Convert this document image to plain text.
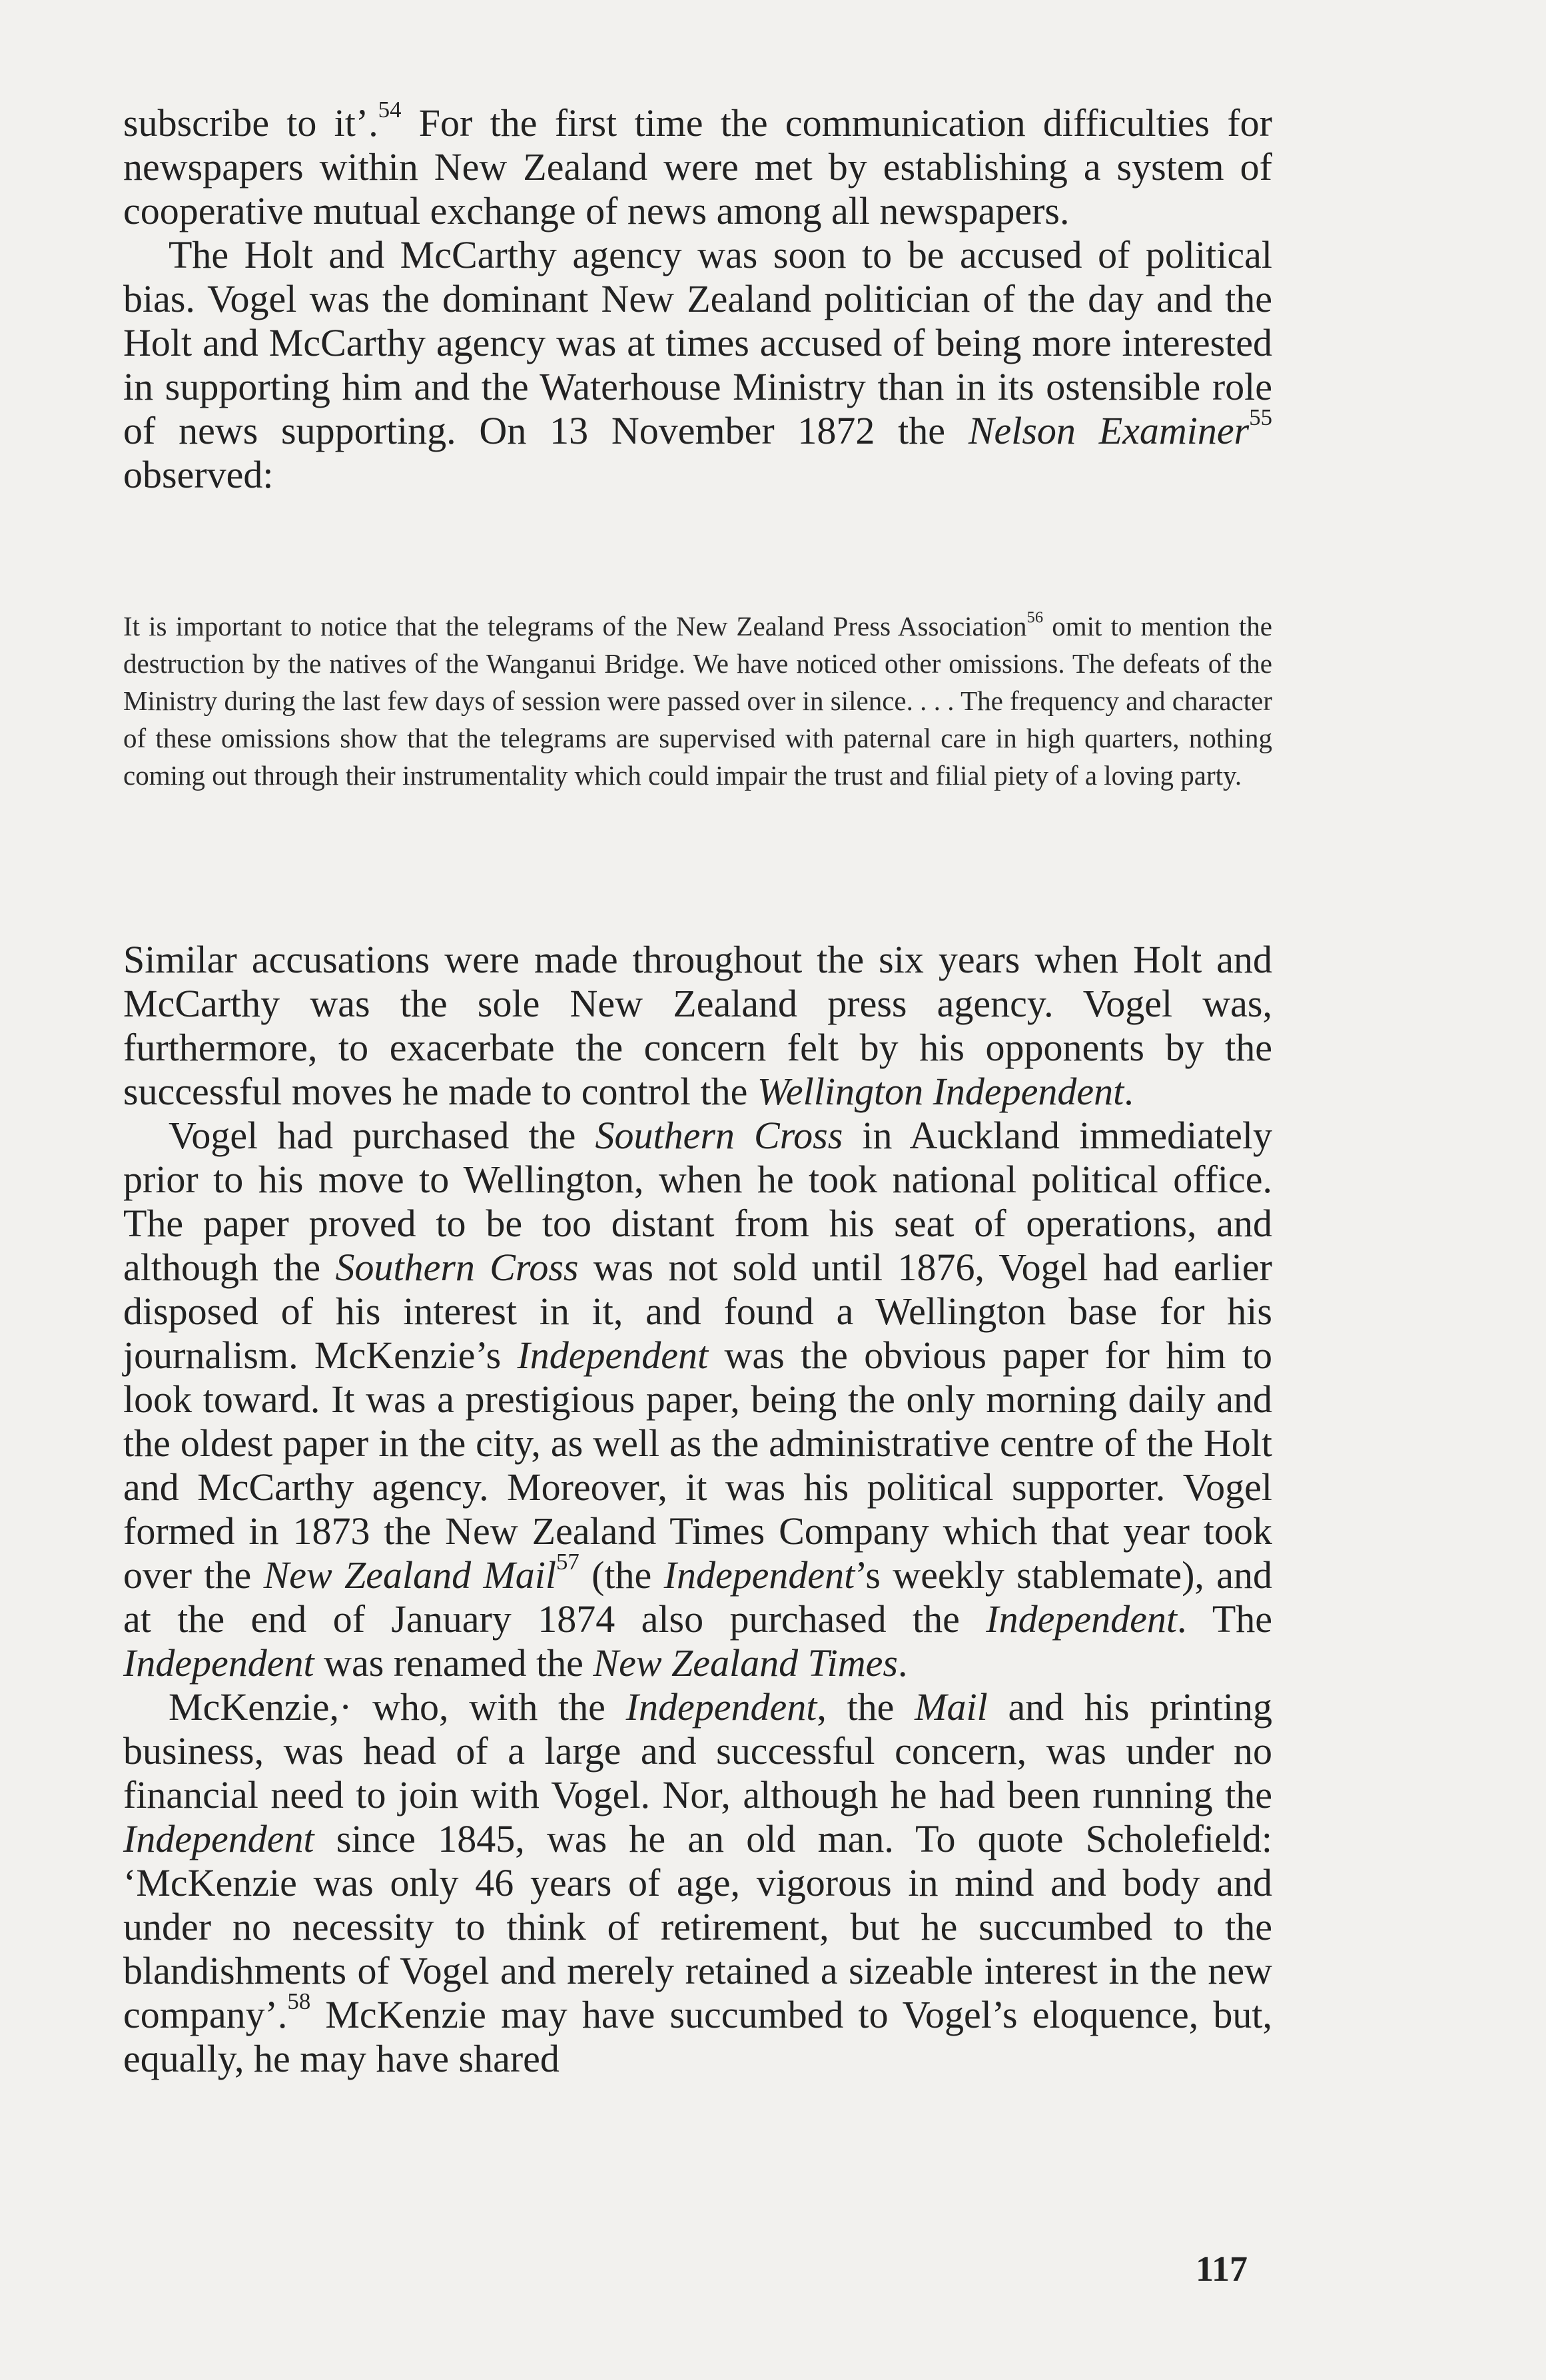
subscribe to it’.$^{54}$ For the first time the communication difficulties for newspapers within New Zealand were met by establishing a system of cooperative mutual exchange of news among all newspapers.

The Holt and McCarthy agency was soon to be accused of political bias. Vogel was the dominant New Zealand politician of the day and the Holt and McCarthy agency was at times accused of being more interested in supporting him and the Waterhouse Ministry than in its ostensible role of news supporting. On 13 November 1872 the Nelson Examiner$^{55}$ observed:

It is important to notice that the telegrams of the New Zealand Press Association$^{56}$ omit to mention the destruction by the natives of the Wanganui Bridge. We have noticed other omissions. The defeats of the Ministry during the last few days of session were passed over in silence. . . . The frequency and character of these omissions show that the telegrams are supervised with paternal care in high quarters, nothing coming out through their instrumentality which could impair the trust and filial piety of a loving party.

Similar accusations were made throughout the six years when Holt and McCarthy was the sole New Zealand press agency. Vogel was, furthermore, to exacerbate the concern felt by his opponents by the successful moves he made to control the Wellington Independent.

Vogel had purchased the Southern Cross in Auckland immediately prior to his move to Wellington, when he took national political office. The paper proved to be too distant from his seat of operations, and although the Southern Cross was not sold until 1876, Vogel had earlier disposed of his interest in it, and found a Wellington base for his journalism. McKenzie’s Independent was the obvious paper for him to look toward. It was a prestigious paper, being the only morning daily and the oldest paper in the city, as well as the administrative centre of the Holt and McCarthy agency. Moreover, it was his political supporter. Vogel formed in 1873 the New Zealand Times Company which that year took over the New Zealand Mail$^{57}$ (the Independent’s weekly stablemate), and at the end of January 1874 also purchased the Independent. The Independent was renamed the New Zealand Times.

McKenzie,· who, with the Independent, the Mail and his printing business, was head of a large and successful concern, was under no financial need to join with Vogel. Nor, although he had been running the Independent since 1845, was he an old man. To quote Scholefield: ‘McKenzie was only 46 years of age, vigorous in mind and body and under no necessity to think of retirement, but he succumbed to the blandishments of Vogel and merely retained a sizeable interest in the new company’.$^{58}$ McKenzie may have succumbed to Vogel’s eloquence, but, equally, he may have shared

117
